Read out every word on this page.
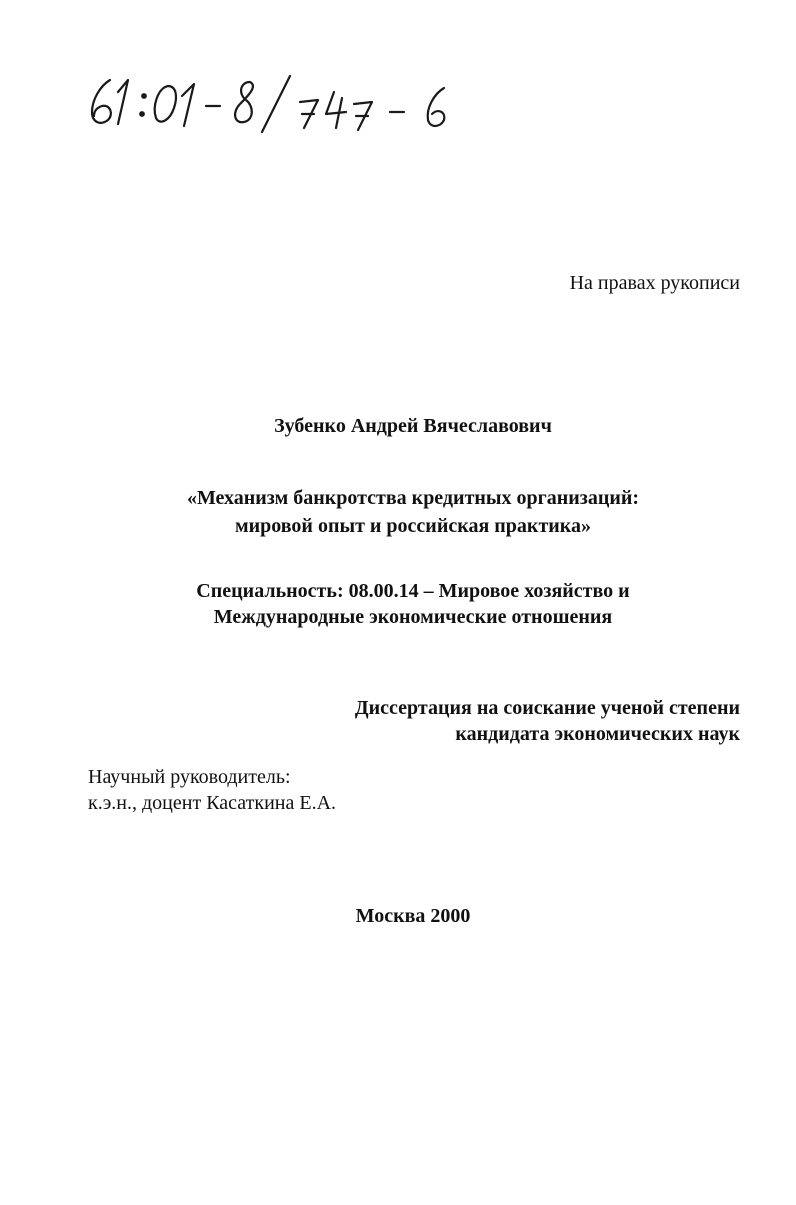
На правах рукописи
Зубенко Андрей Вячеславович
«Механизм банкротства кредитных организаций:
мировой опыт и российская практика»
Специальность: 08.00.14 – Мировое хозяйство и
Международные экономические отношения
Диссертация на соискание ученой степени
кандидата экономических наук
Научный руководитель:
к.э.н., доцент Касаткина Е.А.
Москва 2000
